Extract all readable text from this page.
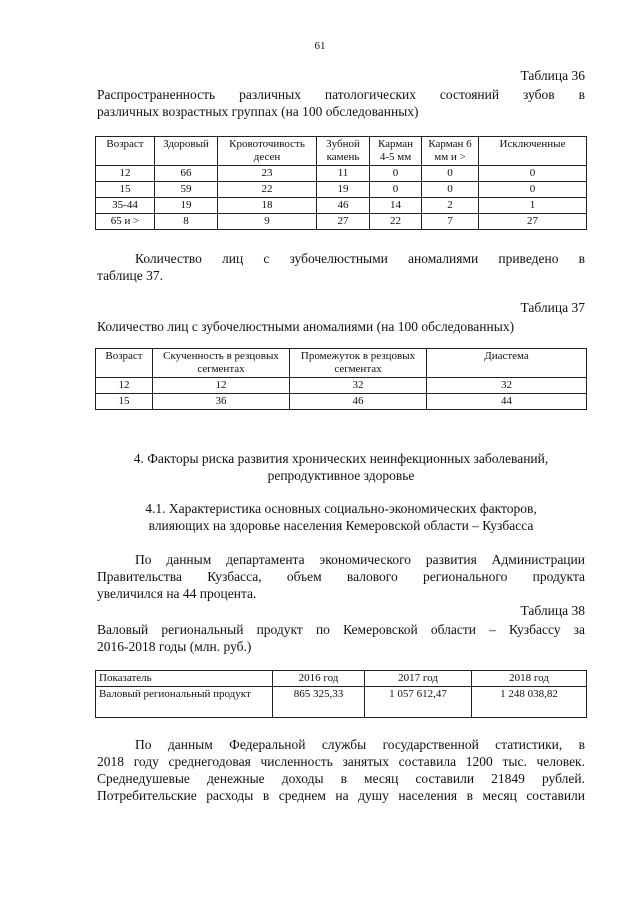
61
Таблица 36
Распространенность различных патологических состояний зубов в
различных возрастных группах (на 100 обследованных)
Возраст	Здоровый	Кровоточивость десен	Зубной камень	Карман 4-5 мм	Карман 6 мм и >	Исключенные
12	66	23	11	0	0	0
15	59	22	19	0	0	0
35-44	19	18	46	14	2	1
65 и >	8	9	27	22	7	27
Количество лиц с зубочелюстными аномалиями приведено в
таблице 37.
Таблица 37
Количество лиц с зубочелюстными аномалиями (на 100 обследованных)
Возраст	Скученность в резцовых сегментах	Промежуток в резцовых сегментах	Диастема
12	12	32	32
15	36	46	44
4. Факторы риска развития хронических неинфекционных заболеваний,
репродуктивное здоровье
4.1. Характеристика основных социально-экономических факторов,
влияющих на здоровье населения Кемеровской области – Кузбасса
По данным департамента экономического развития Администрации
Правительства Кузбасса, объем валового регионального продукта
увеличился на 44 процента.
Таблица 38
Валовый региональный продукт по Кемеровской области – Кузбассу за
2016-2018 годы (млн. руб.)
Показатель	2016 год	2017 год	2018 год
Валовый региональный продукт	865 325,33	1 057 612,47	1 248 038,82
По данным Федеральной службы государственной статистики, в
2018 году среднегодовая численность занятых составила 1200 тыс. человек.
Среднедушевые денежные доходы в месяц составили 21849 рублей.
Потребительские расходы в среднем на душу населения в месяц составили
